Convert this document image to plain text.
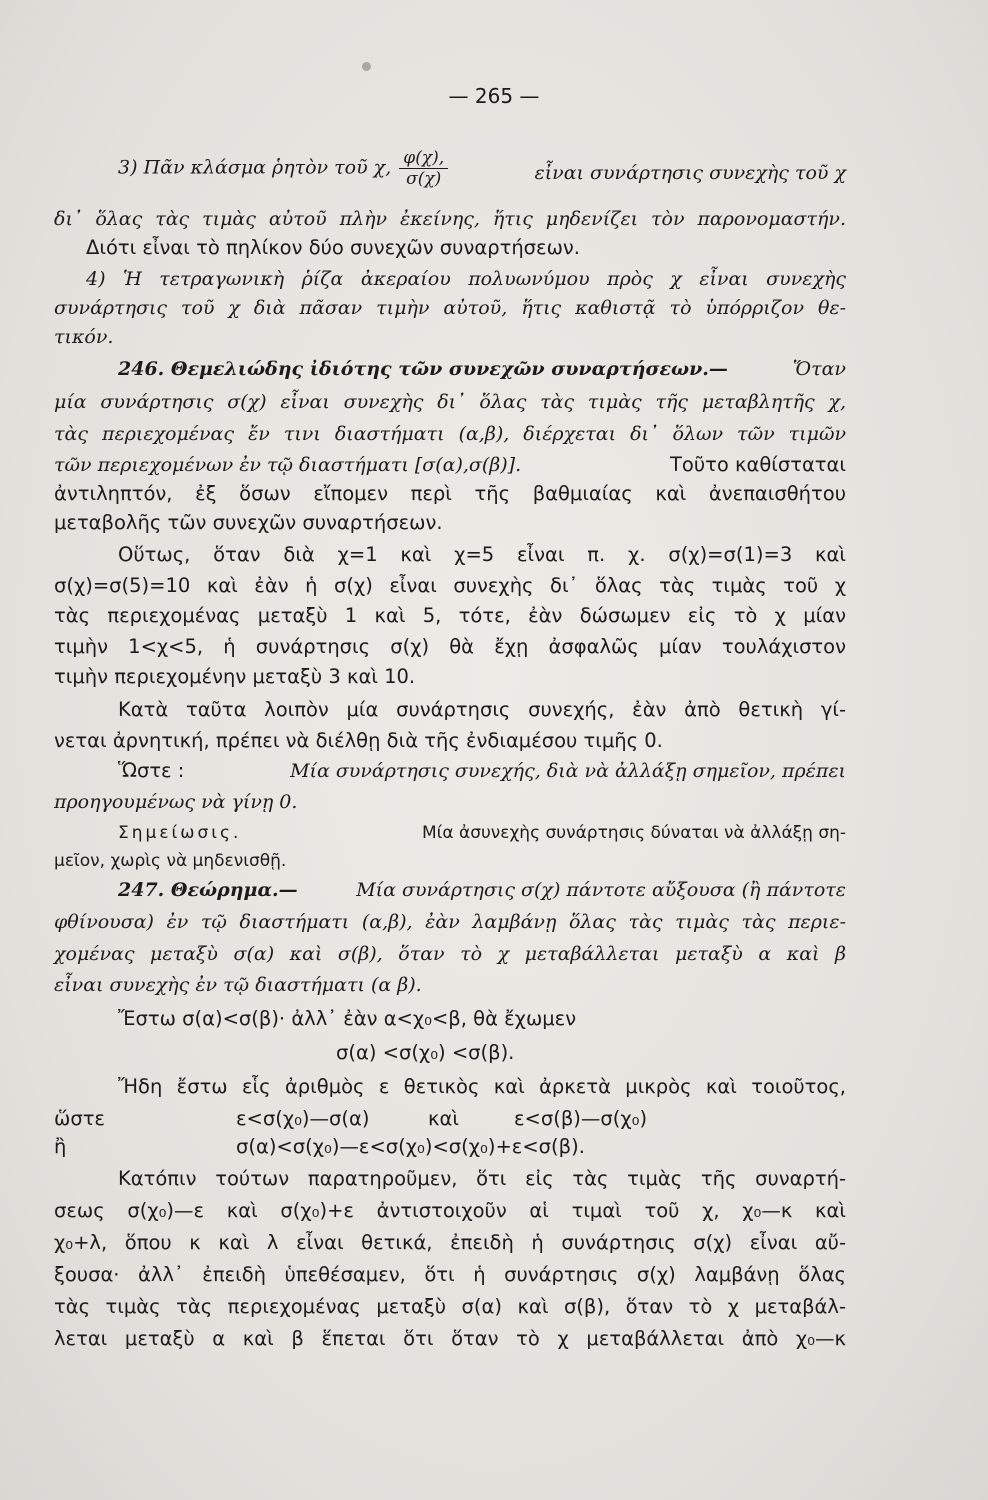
— 265 —
3) Πᾶν κλάσμα ῥητὸν τοῦ χ, $\frac{\varphi(\chi),}{\sigma(\chi)}$	εἶναι συνάρτησις συνεχὴς τοῦ χ
δι᾽ ὅλας τὰς τιμὰς αὐτοῦ πλὴν ἐκείνης, ἥτις μηδενίζει τὸν παρονομαστήν.
Διότι εἶναι τὸ πηλίκον δύο συνεχῶν συναρτήσεων.
4) Ἡ τετραγωνικὴ ῥίζα ἀκεραίου πολυωνύμου πρὸς χ εἶναι συνεχὴς
συνάρτησις τοῦ χ διὰ πᾶσαν τιμὴν αὐτοῦ, ἥτις καθιστᾷ τὸ ὑπόρριζον θε-
τικόν.
246. Θεμελιώδης ἰδιότης τῶν συνεχῶν συναρτήσεων.—	Ὅταν
μία συνάρτησις σ(χ) εἶναι συνεχὴς δι᾽ ὅλας τὰς τιμὰς τῆς μεταβλητῆς χ,
τὰς περιεχομένας ἔν τινι διαστήματι (α,β), διέρχεται δι᾽ ὅλων τῶν τιμῶν
τῶν περιεχομένων ἐν τῷ διαστήματι [σ(α),σ(β)].	Τοῦτο καθίσταται
ἀντιληπτόν, ἐξ ὅσων εἴπομεν περὶ τῆς βαθμιαίας καὶ ἀνεπαισθήτου
μεταβολῆς τῶν συνεχῶν συναρτήσεων.
Οὕτως, ὅταν διὰ χ=1 καὶ χ=5 εἶναι π. χ. σ(χ)=σ(1)=3 καὶ
σ(χ)=σ(5)=10 καὶ ἐὰν ἡ σ(χ) εἶναι συνεχὴς δι᾽ ὅλας τὰς τιμὰς τοῦ χ
τὰς περιεχομένας μεταξὺ 1 καὶ 5, τότε, ἐὰν δώσωμεν εἰς τὸ χ μίαν
τιμὴν 1<χ<5, ἡ συνάρτησις σ(χ) θὰ ἔχῃ ἀσφαλῶς μίαν τουλάχιστον
τιμὴν περιεχομένην μεταξὺ 3 καὶ 10.
Κατὰ ταῦτα λοιπὸν μία συνάρτησις συνεχής, ἐὰν ἀπὸ θετικὴ γί-
νεται ἀρνητική, πρέπει νὰ διέλθῃ διὰ τῆς ἐνδιαμέσου τιμῆς 0.
Ὥστε :	Μία συνάρτησις συνεχής, διὰ νὰ ἀλλάξῃ σημεῖον, πρέπει
προηγουμένως νὰ γίνῃ 0.
Σημείωσις.	Μία ἀσυνεχὴς συνάρτησις δύναται νὰ ἀλλάξῃ ση-
μεῖον, χωρὶς νὰ μηδενισθῇ.
247. Θεώρημα.—	Μία συνάρτησις σ(χ) πάντοτε αὔξουσα (ἢ πάντοτε
φθίνουσα) ἐν τῷ διαστήματι (α,β), ἐὰν λαμβάνῃ ὅλας τὰς τιμὰς τὰς περιε-
χομένας μεταξὺ σ(α) καὶ σ(β), ὅταν τὸ χ μεταβάλλεται μεταξὺ α καὶ β
εἶναι συνεχὴς ἐν τῷ διαστήματι (α β).
Ἔστω σ(α)<σ(β)· ἀλλ᾽ ἐὰν α<χ₀<β, θὰ ἔχωμεν
σ(α) <σ(χ₀) <σ(β).
Ἤδη ἔστω εἷς ἀριθμὸς ε θετικὸς καὶ ἀρκετὰ μικρὸς καὶ τοιοῦτος,
ὥστε	ε<σ(χ₀)—σ(α)	καὶ	ε<σ(β)—σ(χ₀)
ἢ	σ(α)<σ(χ₀)—ε<σ(χ₀)<σ(χ₀)+ε<σ(β).
Κατόπιν τούτων παρατηροῦμεν, ὅτι εἰς τὰς τιμὰς τῆς συναρτή-
σεως σ(χ₀)—ε καὶ σ(χ₀)+ε ἀντιστοιχοῦν αἱ τιμαὶ τοῦ χ, χ₀—κ καὶ
χ₀+λ, ὅπου κ καὶ λ εἶναι θετικά, ἐπειδὴ ἡ συνάρτησις σ(χ) εἶναι αὔ-
ξουσα· ἀλλ᾽ ἐπειδὴ ὑπεθέσαμεν, ὅτι ἡ συνάρτησις σ(χ) λαμβάνῃ ὅλας
τὰς τιμὰς τὰς περιεχομένας μεταξὺ σ(α) καὶ σ(β), ὅταν τὸ χ μεταβάλ-
λεται μεταξὺ α καὶ β ἕπεται ὅτι ὅταν τὸ χ μεταβάλλεται ἀπὸ χ₀—κ
